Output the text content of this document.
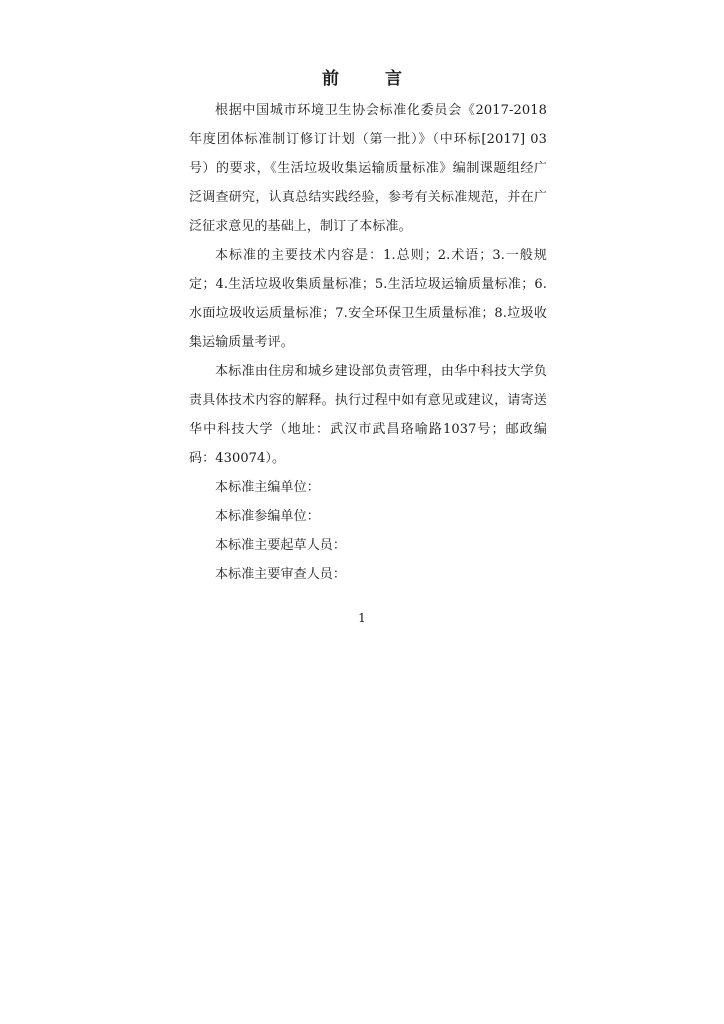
前 言

根据中国城市环境卫生协会标准化委员会《2017-2018年度团体标准制订修订计划（第一批）》（中环标[2017] 03号）的要求，《生活垃圾收集运输质量标准》编制课题组经广泛调查研究，认真总结实践经验，参考有关标准规范，并在广泛征求意见的基础上，制订了本标准。

本标准的主要技术内容是：1.总则；2.术语；3.一般规定；4.生活垃圾收集质量标准；5.生活垃圾运输质量标准；6.水面垃圾收运质量标准；7.安全环保卫生质量标准；8.垃圾收集运输质量考评。

本标准由住房和城乡建设部负责管理，由华中科技大学负责具体技术内容的解释。执行过程中如有意见或建议，请寄送华中科技大学（地址：武汉市武昌珞喻路1037号；邮政编码：430074）。

本标准主编单位：

本标准参编单位：

本标准主要起草人员：

本标准主要审查人员：

1
